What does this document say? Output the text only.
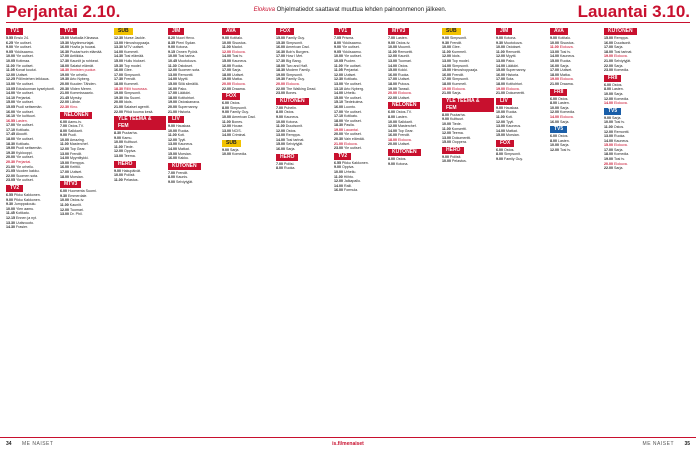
Perjantai 2.10.	Elokuva Ohjelmatiedot saattavat muuttua lehden painoonmenon jälkeen.	Lauantai 3.10.
TV1
5.55 Ensio 24.
6.25 Yle uutiset.
9.00 Yle uutiset.
9.05 Ykkösaamu.
10.00 Yle uutiset.
10.05 Kotimaa.
11.00 Yle uutiset.
11.05 Kovat koulut.
12.00 Uutiset.
12.25 Pöllimiehen leikkaus.
13.00 Yle uutiset.
13.05 Eduskunnan kyselytunti.
14.00 Yle uutiset.
14.10 Perjantai.
15.00 Yle uutiset.
15.05 Puoli seitsemän.
16.00 Yle uutiset.
16.10 Yle kulttuuri.
16.55 Lasten.
17.00 Yle uutiset.
17.10 Kotikatu.
17.45 Akuutti.
18.00 Yle uutiset.
18.30 Kotikatu.
19.00 Puoli seitsemän.
19.30 Kyklooppi.
20.00 Yle uutiset.
20.30 Perjantai.
21.00 Yle urheilu.
21.05 Vuoden kakku.
22.00 Suomen sota.
23.05 Yle uutiset.
TV2
6.55 Pikku Kakkonen.
9.00 Pikku Kakkonen.
9.30 Jumppakoulu.
10.00 Ylen aamu.
11.45 Kotikatu.
12.15 Ennen ja nyt.
13.30 Uutisvuoto.
14.30 Frasier.
TV1
15.00 Matkalla Kiinassa.
15.30 Myytinmurtajat.
16.00 Huvila ja huussi.
16.30 Puutarhurin elämää.
17.00 Antiikkia.
17.30 Kauniit ja rohkeat.
18.00 Salatut elämät.
18.30 Ihmisten puolue.
19.00 Yle urheilu.
19.30 Arto Nyberg.
20.00 Kuuden Tähden.
20.30 Viiden Meren.
21.00 Kommissaario.
21.45 Myrsky.
22.00 Lähde.
22.30 Kino.
NELONEN
6.00 Aamu-tv.
7.00 Ostos-TV.
8.00 Salkkarit.
9.00 Puoli.
10.00 Amazing.
11.00 Masterchef.
12.00 Top Gear.
13.00 Frendit.
14.00 Myyntitykki.
15.00 Remppa.
16.00 Keittiö.
17.00 Uutiset.
18.00 Morsian.
MTV3
6.00 Huomenta Suomi.
9.30 Emmerdale.
10.00 Ostos-tv.
11.00 Kauniit.
12.00 Tuomari.
13.00 Dr. Phil.
SUB
12.30 Nurse Jackie.
13.00 Himoshoppaaja.
13.30 MTV uutiset.
14.00 Kummeli.
14.30 Tosi elämää.
15.00 Hullu hiukset.
15.30 Top model.
16.00 Glee.
17.00 Simpsonit.
17.30 Frendit.
18.00 Kummeli.
18.30 Rillit huurussa.
19.00 Simpsonit.
19.30 Ilta Suomi.
20.00 Idols.
21.00 Salaiset agentit.
22.00 Pitkä kuuma kesä.
YLE TEEMA & FEM
8.30 Puutarha.
9.00 Kamu.
10.00 Kulttuuri.
11.00 Tiede.
12.00 Oppiva.
13.00 Teema.
HERO
9.00 Hakupäivät.
10.00 Poliisit.
11.00 Pelastus.
JIM
8.20 Nuori Hevo.
8.35 Pieni Sydan.
9.00 Kotona.
9.15 Onnen Pyörä.
10.00 Tosi tarina.
10.45 Muotokuva.
11.30 Ostokset.
12.00 Suomen sota.
13.00 Remontti.
14.00 Myytti.
15.00 Sillä silmällä.
16.00 Pako.
17.00 Lääkäri.
18.00 Kotitohtori.
19.00 Ostoskanava.
20.00 Supernanny.
21.00 Historia.
LIV
9.00 Hauskaa.
10.00 Ruoka.
11.00 Koti.
12.00 Tyyli.
13.00 Kauneus.
14.00 Matkat.
15.00 Morsian.
16.00 Kakku.
KUTONEN
7.00 Frendit.
8.00 Kaunis.
9.00 Selviytyjät.
AVA
9.00 Kotitalo.
10.00 Sisustus.
11.00 Madot.
12.00 Elokuva.
14.00 Tosi tv.
15.00 Kauneus.
16.00 Ruoka.
17.00 Sarja.
18.00 Uutiset.
19.00 Matka.
20.00 Elokuva.
22.00 Draama.
FOX
6.00 Ostos.
8.00 Simpsonit.
9.00 Family Guy.
10.00 American Dad.
11.00 Bones.
12.00 House.
13.00 NCIS.
14.00 Criminal.
SUB
9.00 Sarja.
10.00 Komedia.
FOX
15.00 Family Guy.
15.30 Simpsonit.
16.00 American Dad.
16.30 Bob's Burgers.
17.00 How I Met.
17.30 Big Bang.
18.00 Two and Half.
18.30 Modern Family.
19.00 Simpsonit.
19.30 Family Guy.
20.00 Elokuva.
22.00 The Walking Dead.
23.00 Bones.
KUTONEN
7.00 Puhelin.
8.00 Ostos.
9.00 Kauneus.
10.00 Kotona.
11.00 Duudsonit.
12.00 Ostos.
13.00 Remppa.
14.00 Tosi tarinat.
15.00 Selviytyjät.
16.00 Sarja.
HERO
7.00 Poliisi.
8.00 Ruoka.
TV1
7.05 Prisma.
8.00 Ykkösaamu.
9.00 Yle uutiset.
9.05 Ykkösaamu.
10.00 Yle uutiset.
10.05 Puolen.
11.00 Yle uutiset.
11.05 Perjantai.
12.00 Uutiset.
12.30 Kotikatu.
13.00 Yle uutiset.
13.10 Arto Nyberg.
14.00 Urheilu.
15.00 Yle uutiset.
15.10 Tiedekulma.
16.00 Luonto.
17.00 Yle uutiset.
17.10 Kotikatu.
18.00 Yle uutiset.
18.30 Pasila.
19.00 Lauantai.
20.00 Yle uutiset.
20.30 Vain elämää.
21.00 Elokuva.
23.00 Yle uutiset.
TV2
6.55 Pikku Kakkonen.
9.00 Oppiva.
10.00 Urheilu.
11.00 Hiihto.
12.00 Jalkapallo.
14.00 Ralli.
16.00 Formula.
MTV3
7.00 Lasten.
9.00 Ostos-tv.
10.00 Muumit.
11.00 Remontti.
12.00 Kauniit.
13.00 Tuomari.
14.00 Ostos.
15.00 Kokki.
16.00 Ruoka.
17.00 Uutiset.
18.00 Putous.
19.00 Tanssii.
20.00 Elokuva.
22.00 Uutiset.
NELONEN
6.00 Ostos-TV.
8.00 Lasten.
10.00 Salkkarit.
12.00 Masterchef.
14.00 Top Gear.
16.00 Frendit.
18.00 Elokuva.
20.00 Uutiset.
KUTONEN
8.00 Ostos.
9.00 Kotona.
SUB
9.00 Simpsonit.
9.30 Frendit.
10.00 Glee.
11.00 Kummeli.
12.00 Idols.
13.00 Top model.
14.00 Simpsonit.
15.00 Himoshoppaaja.
16.00 Frendit.
17.00 Simpsonit.
18.00 Kummeli.
19.00 Elokuva.
21.00 Sarja.
YLE TEEMA & FEM
8.00 Puutarha.
9.00 Kulttuuri.
10.00 Tiede.
11.00 Konsertti.
12.00 Teema.
13.00 Dokumentti.
15.00 Ooppera.
HERO
9.00 Poliisit.
10.00 Pelastus.
JIM
9.00 Kotona.
9.30 Muotokuva.
10.00 Ostokset.
11.00 Remontti.
12.00 Myytti.
13.00 Pako.
14.00 Lääkäri.
15.00 Supernanny.
16.00 Historia.
17.00 Sota.
18.00 Kotitohtori.
19.00 Elokuva.
21.00 Dokumentti.
LIV
9.00 Hauskaa.
10.00 Ruoka.
11.00 Koti.
12.00 Tyyli.
13.00 Kauneus.
14.00 Matkat.
15.00 Morsian.
FOX
6.00 Ostos.
8.00 Simpsonit.
9.00 Family Guy.
AVA
9.00 Kotitalo.
10.00 Sisustus.
11.00 Elokuva.
13.00 Tosi tv.
14.00 Kauneus.
15.00 Ruoka.
16.00 Sarja.
17.00 Uutiset.
18.00 Matka.
19.00 Elokuva.
21.00 Draama.
FRII
6.00 Ostos.
8.00 Lasten.
10.00 Sarja.
12.00 Komedia.
14.00 Elokuva.
16.00 Sarja.
TV5
6.00 Ostos.
8.00 Lasten.
10.00 Sarja.
12.00 Tosi tv.
KUTONEN
15.00 Remppa.
16.00 Duudsonit.
17.00 Sarja.
18.00 Tosi tarinat.
19.00 Elokuva.
21.00 Selviytyjät.
22.00 Sarja.
23.00 Komedia.
FRII
6.00 Ostos.
8.00 Lasten.
10.00 Sarja.
12.00 Komedia.
14.00 Elokuva.
TV5
9.00 Sarja.
10.00 Tosi tv.
11.00 Ostos.
12.00 Remontti.
13.00 Ruoka.
14.00 Kauneus.
15.00 Elokuva.
17.00 Sarja.
18.00 Komedia.
19.00 Tosi tv.
20.00 Elokuva.
22.00 Sarja.
34 ME NAISET	is.fi/menaiset	ME NAISET 35
